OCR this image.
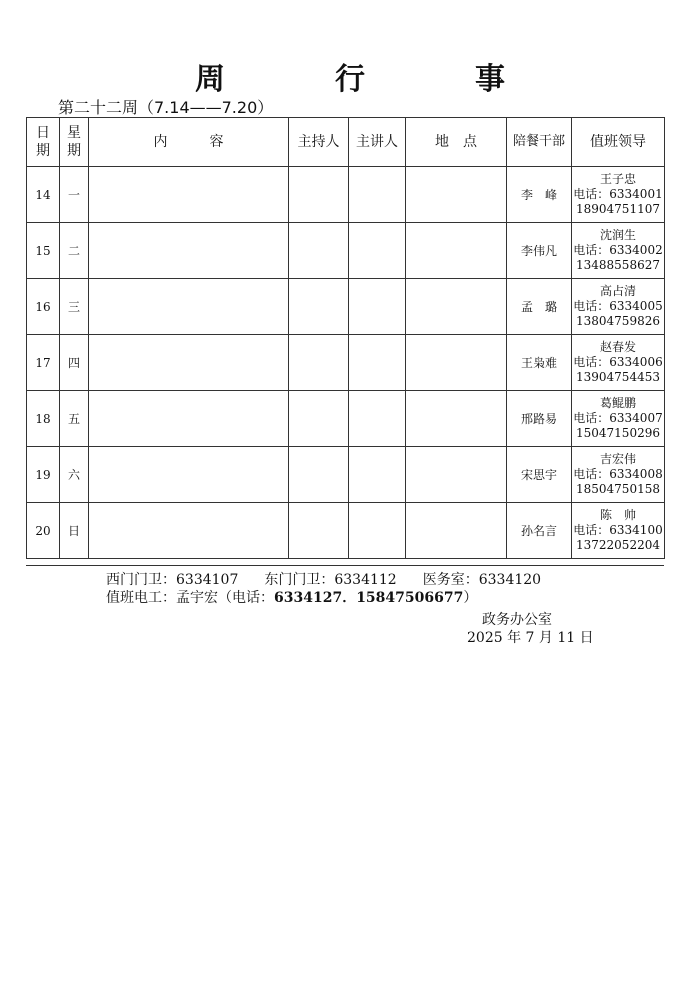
周　行　事
第二十二周（7.14——7.20）
日
期	星
期	内　　　容	主持人	主讲人	地　点	陪餐干部	值班领导
14	一					李　峰	王子忠
电话：6334001
18904751107

15	二					李伟凡	沈润生
电话：6334002
13488558627

16	三					孟　璐	高占清
电话：6334005
13804759826

17	四					王枭难	赵春发
电话：6334006
13904754453

18	五					邢路易	葛鲲鹏
电话：6334007
15047150296

19	六					宋思宇	吉宏伟
电话：6334008
18504750158

20	日					孙名言	陈　帅
电话：6334100
13722052204
西门门卫：6334107 东门门卫：6334112 医务室：6334120
值班电工：孟宇宏（电话：6334127．15847506677）
政务办公室
2025 年 7 月 11 日
